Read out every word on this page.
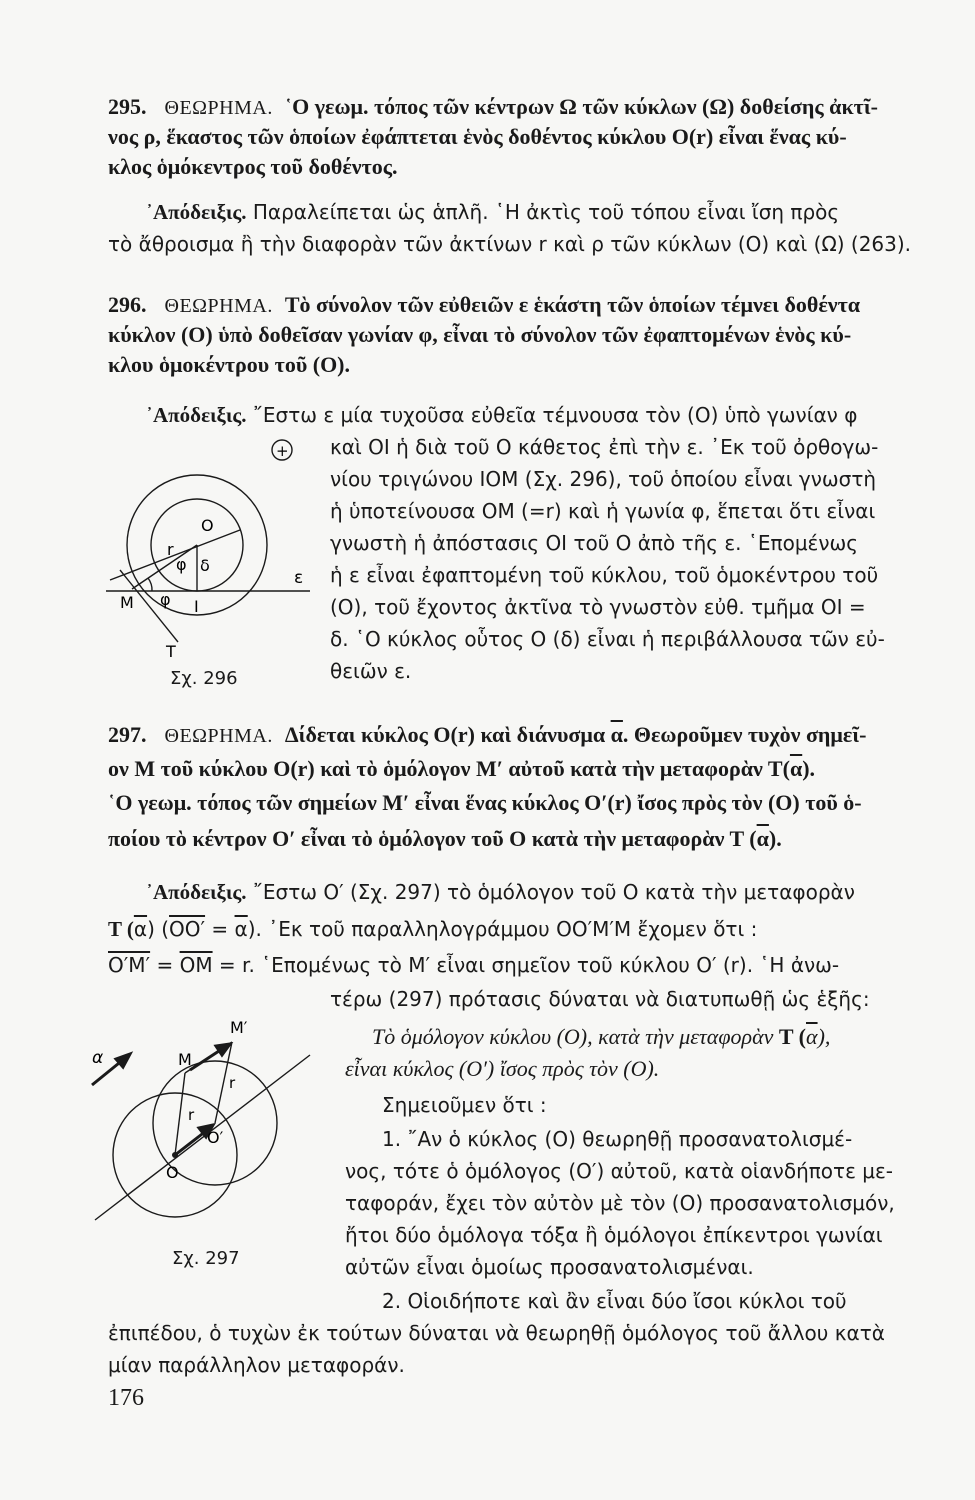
295. ΘΕΩΡΗΜΑ. ῾Ο γεωμ. τόπος τῶν κέντρων Ω τῶν κύκλων (Ω) δοθείσης ἀκτῖ-
νος ρ, ἕκαστος τῶν ὁποίων ἐφάπτεται ἑνὸς δοθέντος κύκλου O(r) εἶναι ἕνας κύ-
κλος ὁμόκεντρος τοῦ δοθέντος.
᾿Απόδειξις. Παραλείπεται ὡς ἁπλῆ. ῾Η ἀκτὶς τοῦ τόπου εἶναι ἴση πρὸς
τὸ ἄθροισμα ἢ τὴν διαφορὰν τῶν ἀκτίνων r καὶ ρ τῶν κύκλων (Ο) καὶ (Ω) (263).
296. ΘΕΩΡΗΜΑ. Τὸ σύνολον τῶν εὐθειῶν ε ἑκάστη τῶν ὁποίων τέμνει δοθέντα
κύκλον (Ο) ὑπὸ δοθεῖσαν γωνίαν φ, εἶναι τὸ σύνολον τῶν ἐφαπτομένων ἑνὸς κύ-
κλου ὁμοκέντρου τοῦ (Ο).
᾿Απόδειξις. ῎Εστω ε μία τυχοῦσα εὐθεῖα τέμνουσα τὸν (Ο) ὑπὸ γωνίαν φ
καὶ ΟΙ ἡ διὰ τοῦ Ο κάθετος ἐπὶ τὴν ε. ᾿Εκ τοῦ ὀρθογω-
νίου τριγώνου ΙΟΜ (Σχ. 296), τοῦ ὁποίου εἶναι γνωστὴ
ἡ ὑποτείνουσα ΟΜ (=r) καὶ ἡ γωνία φ, ἕπεται ὅτι εἶναι
γνωστὴ ἡ ἀπόστασις ΟΙ τοῦ Ο ἀπὸ τῆς ε. ῾Επομένως
ἡ ε εἶναι ἐφαπτομένη τοῦ κύκλου, τοῦ ὁμοκέντρου τοῦ
(Ο), τοῦ ἔχοντος ἀκτῖνα τὸ γνωστὸν εὐθ. τμῆμα ΟΙ =
δ. ῾Ο κύκλος οὗτος Ο (δ) εἶναι ἡ περιβάλλουσα τῶν εὐ-
θειῶν ε.
+
O
r
φ δ
ε
M φ I
T
Σχ. 296
297. ΘΕΩΡΗΜΑ. Δίδεται κύκλος Ο(r) καὶ διάνυσμα $\overline{\alpha}$. Θεωροῦμεν τυχὸν σημεῖ-
ον Μ τοῦ κύκλου Ο(r) καὶ τὸ ὁμόλογον Μ′ αὐτοῦ κατὰ τὴν μεταφορὰν $T(\overline{\alpha})$.
῾Ο γεωμ. τόπος τῶν σημείων Μ′ εἶναι ἕνας κύκλος Ο′(r) ἴσος πρὸς τὸν (Ο) τοῦ ὁ-
ποίου τὸ κέντρον Ο′ εἶναι τὸ ὁμόλογον τοῦ Ο κατὰ τὴν μεταφορὰν Τ $(\overline{\alpha})$.
᾿Απόδειξις. ῎Εστω Ο′ (Σχ. 297) τὸ ὁμόλογον τοῦ Ο κατὰ τὴν μεταφορὰν
Τ $(\overline{\alpha}) (OO' = \overline{\alpha})$. ᾿Εκ τοῦ παραλληλογράμμου ΟΟ′Μ′Μ ἔχομεν ὅτι :
$O'M' = \overline{OM} = r$. ῾Επομένως τὸ Μ′ εἶναι σημεῖον τοῦ κύκλου Ο′ (r). ῾Η ἀνω-
τέρω (297) πρότασις δύναται νὰ διατυπωθῇ ὡς ἑξῆς:
Τὸ ὁμόλογον κύκλου (Ο), κατὰ τὴν μεταφορὰν Τ $(\overline{\alpha})$,
εἶναι κύκλος (Ο′) ἴσος πρὸς τὸν (Ο).
Σημειοῦμεν ὅτι :
1. ῎Αν ὁ κύκλος (Ο) θεωρηθῇ προσανατολισμέ-
νος, τότε ὁ ὁμόλογος (Ο′) αὐτοῦ, κατὰ οἱανδήποτε με-
ταφοράν, ἔχει τὸν αὐτὸν μὲ τὸν (Ο) προσανατολισμόν,
ἤτοι δύο ὁμόλογα τόξα ἢ ὁμόλογοι ἐπίκεντροι γωνίαι
αὐτῶν εἶναι ὁμοίως προσανατολισμέναι.
2. Οἱοιδήποτε καὶ ἂν εἶναι δύο ἴσοι κύκλοι τοῦ
ἐπιπέδου, ὁ τυχὼν ἐκ τούτων δύναται νὰ θεωρηθῇ ὁμόλογος τοῦ ἄλλου κατὰ
μίαν παράλληλον μεταφοράν.
α	M
M′
r
r
O
O′
Σχ. 297
176
